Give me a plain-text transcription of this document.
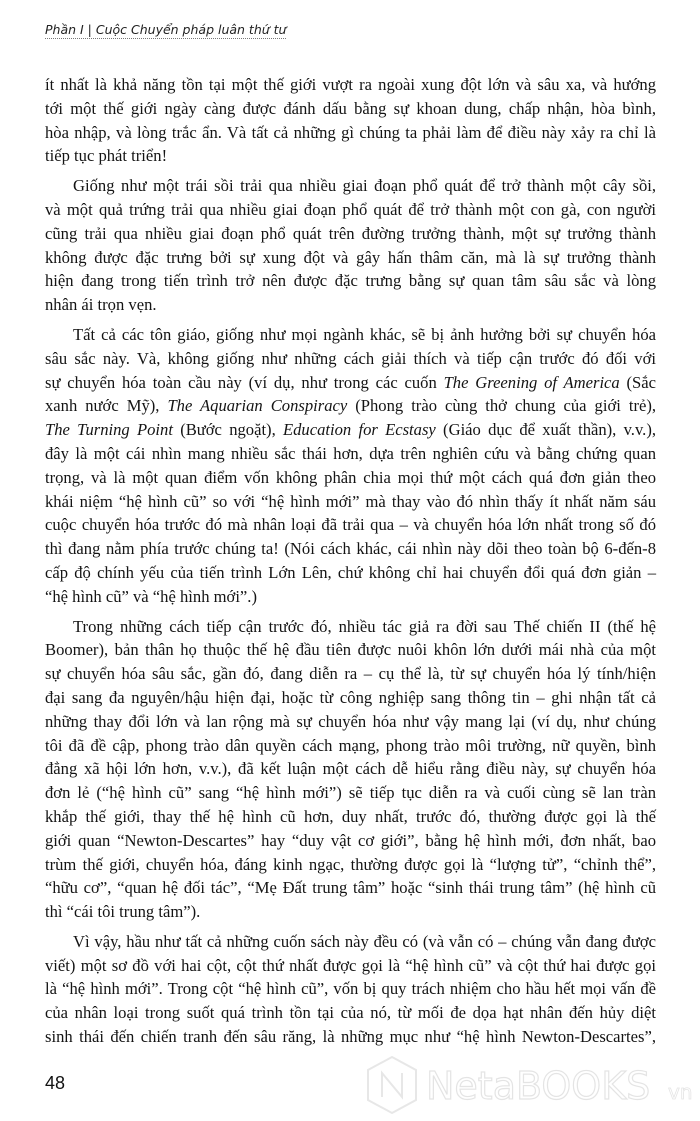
Phần I | Cuộc Chuyển pháp luân thứ tư
ít nhất là khả năng tồn tại một thế giới vượt ra ngoài xung đột lớn và sâu xa, và hướng
tới một thế giới ngày càng được đánh dấu bằng sự khoan dung, chấp nhận, hòa bình,
hòa nhập, và lòng trắc ẩn. Và tất cả những gì chúng ta phải làm để điều này xảy ra chỉ là
tiếp tục phát triển!
Giống như một trái sồi trải qua nhiều giai đoạn phổ quát để trở thành một cây sồi,
và một quả trứng trải qua nhiều giai đoạn phổ quát để trở thành một con gà, con người
cũng trải qua nhiều giai đoạn phổ quát trên đường trưởng thành, một sự trưởng thành
không được đặc trưng bởi sự xung đột và gây hấn thâm căn, mà là sự trưởng thành
hiện đang trong tiến trình trở nên được đặc trưng bằng sự quan tâm sâu sắc và lòng
nhân ái trọn vẹn.
Tất cả các tôn giáo, giống như mọi ngành khác, sẽ bị ảnh hưởng bởi sự chuyển hóa
sâu sắc này. Và, không giống như những cách giải thích và tiếp cận trước đó đối với
sự chuyển hóa toàn cầu này (ví dụ, như trong các cuốn The Greening of America (Sắc
xanh nước Mỹ), The Aquarian Conspiracy (Phong trào cùng thở chung của giới trẻ),
The Turning Point (Bước ngoặt), Education for Ecstasy (Giáo dục để xuất thần), v.v.),
đây là một cái nhìn mang nhiều sắc thái hơn, dựa trên nghiên cứu và bằng chứng quan
trọng, và là một quan điểm vốn không phân chia mọi thứ một cách quá đơn giản theo
khái niệm “hệ hình cũ” so với “hệ hình mới” mà thay vào đó nhìn thấy ít nhất năm sáu
cuộc chuyển hóa trước đó mà nhân loại đã trải qua – và chuyển hóa lớn nhất trong số đó
thì đang nằm phía trước chúng ta! (Nói cách khác, cái nhìn này dõi theo toàn bộ 6-đến-8
cấp độ chính yếu của tiến trình Lớn Lên, chứ không chỉ hai chuyển đổi quá đơn giản –
“hệ hình cũ” và “hệ hình mới”.)
Trong những cách tiếp cận trước đó, nhiều tác giả ra đời sau Thế chiến II (thế hệ
Boomer), bản thân họ thuộc thế hệ đầu tiên được nuôi khôn lớn dưới mái nhà của một
sự chuyển hóa sâu sắc, gần đó, đang diễn ra – cụ thể là, từ sự chuyển hóa lý tính/hiện
đại sang đa nguyên/hậu hiện đại, hoặc từ công nghiệp sang thông tin – ghi nhận tất cả
những thay đổi lớn và lan rộng mà sự chuyển hóa như vậy mang lại (ví dụ, như chúng
tôi đã đề cập, phong trào dân quyền cách mạng, phong trào môi trường, nữ quyền, bình
đẳng xã hội lớn hơn, v.v.), đã kết luận một cách dễ hiểu rằng điều này, sự chuyển hóa
đơn lẻ (“hệ hình cũ” sang “hệ hình mới”) sẽ tiếp tục diễn ra và cuối cùng sẽ lan tràn
khắp thế giới, thay thế hệ hình cũ hơn, duy nhất, trước đó, thường được gọi là thế
giới quan “Newton-Descartes” hay “duy vật cơ giới”, bằng hệ hình mới, đơn nhất, bao
trùm thế giới, chuyển hóa, đáng kinh ngạc, thường được gọi là “lượng tử”, “chỉnh thể”,
“hữu cơ”, “quan hệ đối tác”, “Mẹ Đất trung tâm” hoặc “sinh thái trung tâm” (hệ hình cũ
thì “cái tôi trung tâm”).
Vì vậy, hầu như tất cả những cuốn sách này đều có (và vẫn có – chúng vẫn đang được
viết) một sơ đồ với hai cột, cột thứ nhất được gọi là “hệ hình cũ” và cột thứ hai được gọi
là “hệ hình mới”. Trong cột “hệ hình cũ”, vốn bị quy trách nhiệm cho hầu hết mọi vấn đề
của nhân loại trong suốt quá trình tồn tại của nó, từ mối đe dọa hạt nhân đến hủy diệt
sinh thái đến chiến tranh đến sâu răng, là những mục như “hệ hình Newton-Descartes”,
48	NetaBOOKS vn
